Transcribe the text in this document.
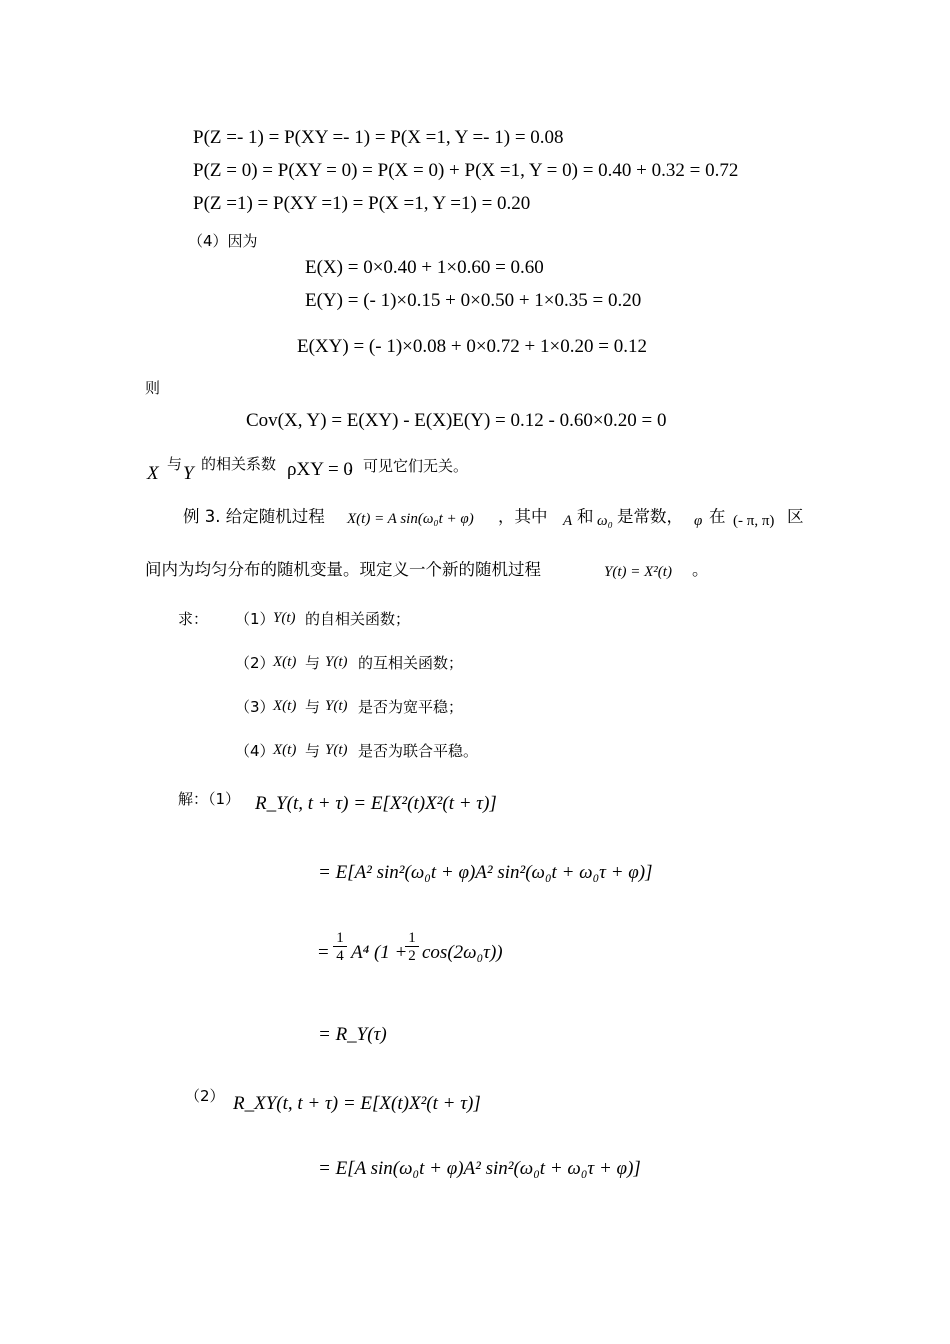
P(Z =- 1) = P(XY =- 1) = P(X =1, Y =- 1) = 0.08
P(Z = 0) = P(XY = 0) = P(X = 0) + P(X =1, Y = 0) = 0.40 + 0.32 = 0.72
P(Z =1) = P(XY =1) = P(X =1, Y =1) = 0.20
（4）因为
E(X) = 0×0.40 + 1×0.60 = 0.60
E(Y) = (- 1)×0.15 + 0×0.50 + 1×0.35 = 0.20
E(XY) = (- 1)×0.08 + 0×0.72 + 1×0.20 = 0.12
则
Cov(X, Y) = E(XY) - E(X)E(Y) = 0.12 - 0.60×0.20 = 0
X 与 Y 的相关系数 ρXY = 0
，可见它们无关。
例 3. 给定随机过程 X(t) = A sin(ω₀t + φ) ，其中 A 和 ω₀ 是常数， φ 在 (- π, π) 区
间内为均匀分布的随机变量。现定义一个新的随机过程	Y(t) = X²(t) 。
求： （1）
Y(t) 的自相关函数；
（2）
X(t) 与 Y(t) 的互相关函数；
（3）
X(t) 与 Y(t) 是否为宽平稳；
（4）
X(t) 与 Y(t) 是否为联合平稳。
解：（1） R_Y(t, t + τ) = E[X²(t)X²(t + τ)]
= E[A² sin²(ω₀t + φ)A² sin²(ω₀t + ω₀τ + φ)]
= $\frac{1}{4} A^4$ (1 +
$\frac{1}{2} \cos(2\omega_0\tau)$)
= R_Y(τ)
（2） R_XY(t, t + τ) = E[X(t)X²(t + τ)]
= E[A sin(ω₀t + φ)A² sin²(ω₀t + ω₀τ + φ)]
